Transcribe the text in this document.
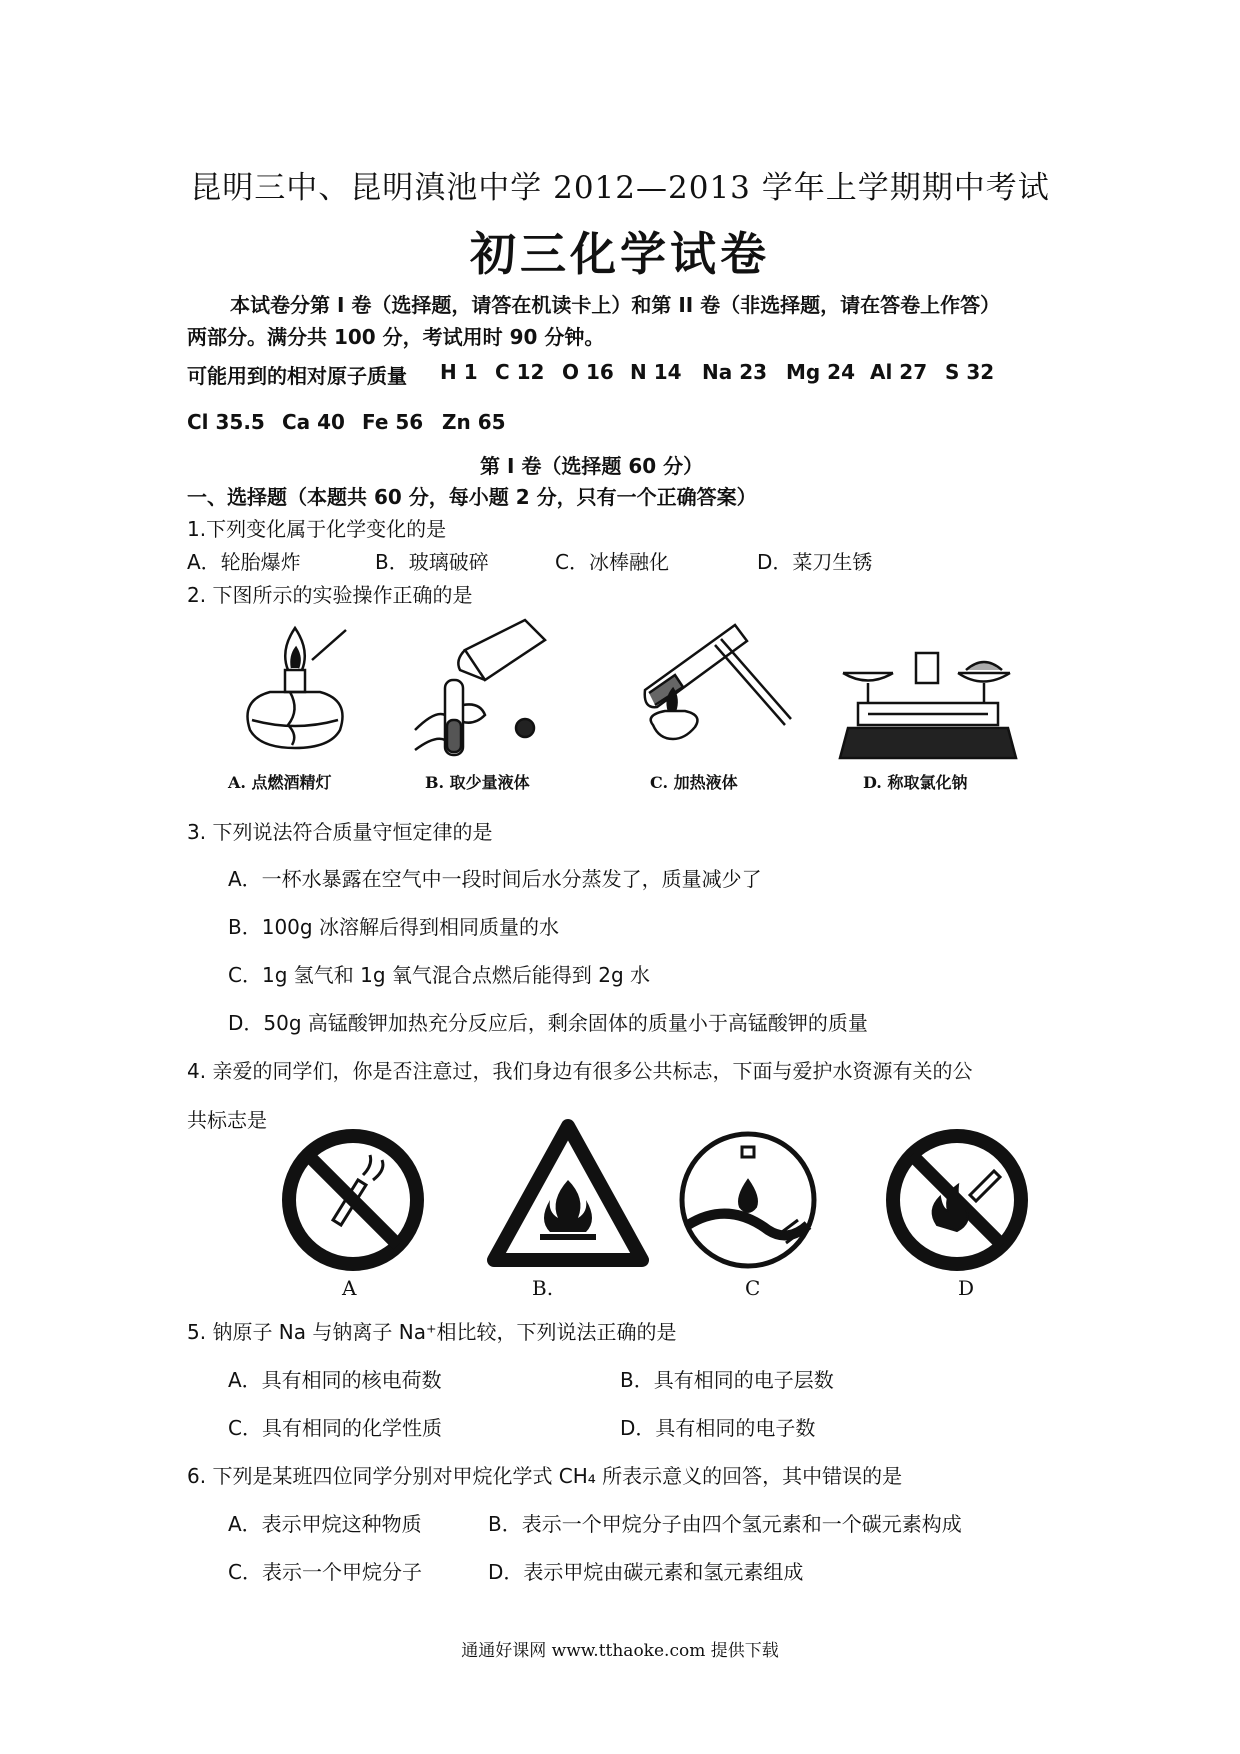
昆明三中、昆明滇池中学 2012—2013 学年上学期期中考试
初三化学试卷
本试卷分第 I 卷（选择题，请答在机读卡上）和第 II 卷（非选择题，请在答卷上作答）
两部分。满分共 100 分，考试用时 90 分钟。
可能用到的相对原子质量 H 1 C 12 O 16 N 14 Na 23 Mg 24 Al 27 S 32
Cl 35.5 Ca 40 Fe 56 Zn 65
第 I 卷（选择题 60 分）
一、选择题（本题共 60 分，每小题 2 分，只有一个正确答案）
1.下列变化属于化学变化的是
A．轮胎爆炸	B．玻璃破碎	C．冰棒融化	D．菜刀生锈
2. 下图所示的实验操作正确的是
A. 点燃酒精灯	B. 取少量液体	C. 加热液体	D. 称取氯化钠
3. 下列说法符合质量守恒定律的是
A．一杯水暴露在空气中一段时间后水分蒸发了，质量减少了
B．100g 冰溶解后得到相同质量的水
C．1g 氢气和 1g 氧气混合点燃后能得到 2g 水
D．50g 高锰酸钾加热充分反应后，剩余固体的质量小于高锰酸钾的质量
4. 亲爱的同学们，你是否注意过，我们身边有很多公共标志，下面与爱护水资源有关的公
共标志是
A	B.	C	D
5. 钠原子 Na 与钠离子 Na⁺相比较，下列说法正确的是
A．具有相同的核电荷数	B．具有相同的电子层数
C．具有相同的化学性质	D．具有相同的电子数
6. 下列是某班四位同学分别对甲烷化学式 CH₄ 所表示意义的回答，其中错误的是
A．表示甲烷这种物质	B．表示一个甲烷分子由四个氢元素和一个碳元素构成
C．表示一个甲烷分子	D．表示甲烷由碳元素和氢元素组成
通通好课网 www.tthaoke.com 提供下载
